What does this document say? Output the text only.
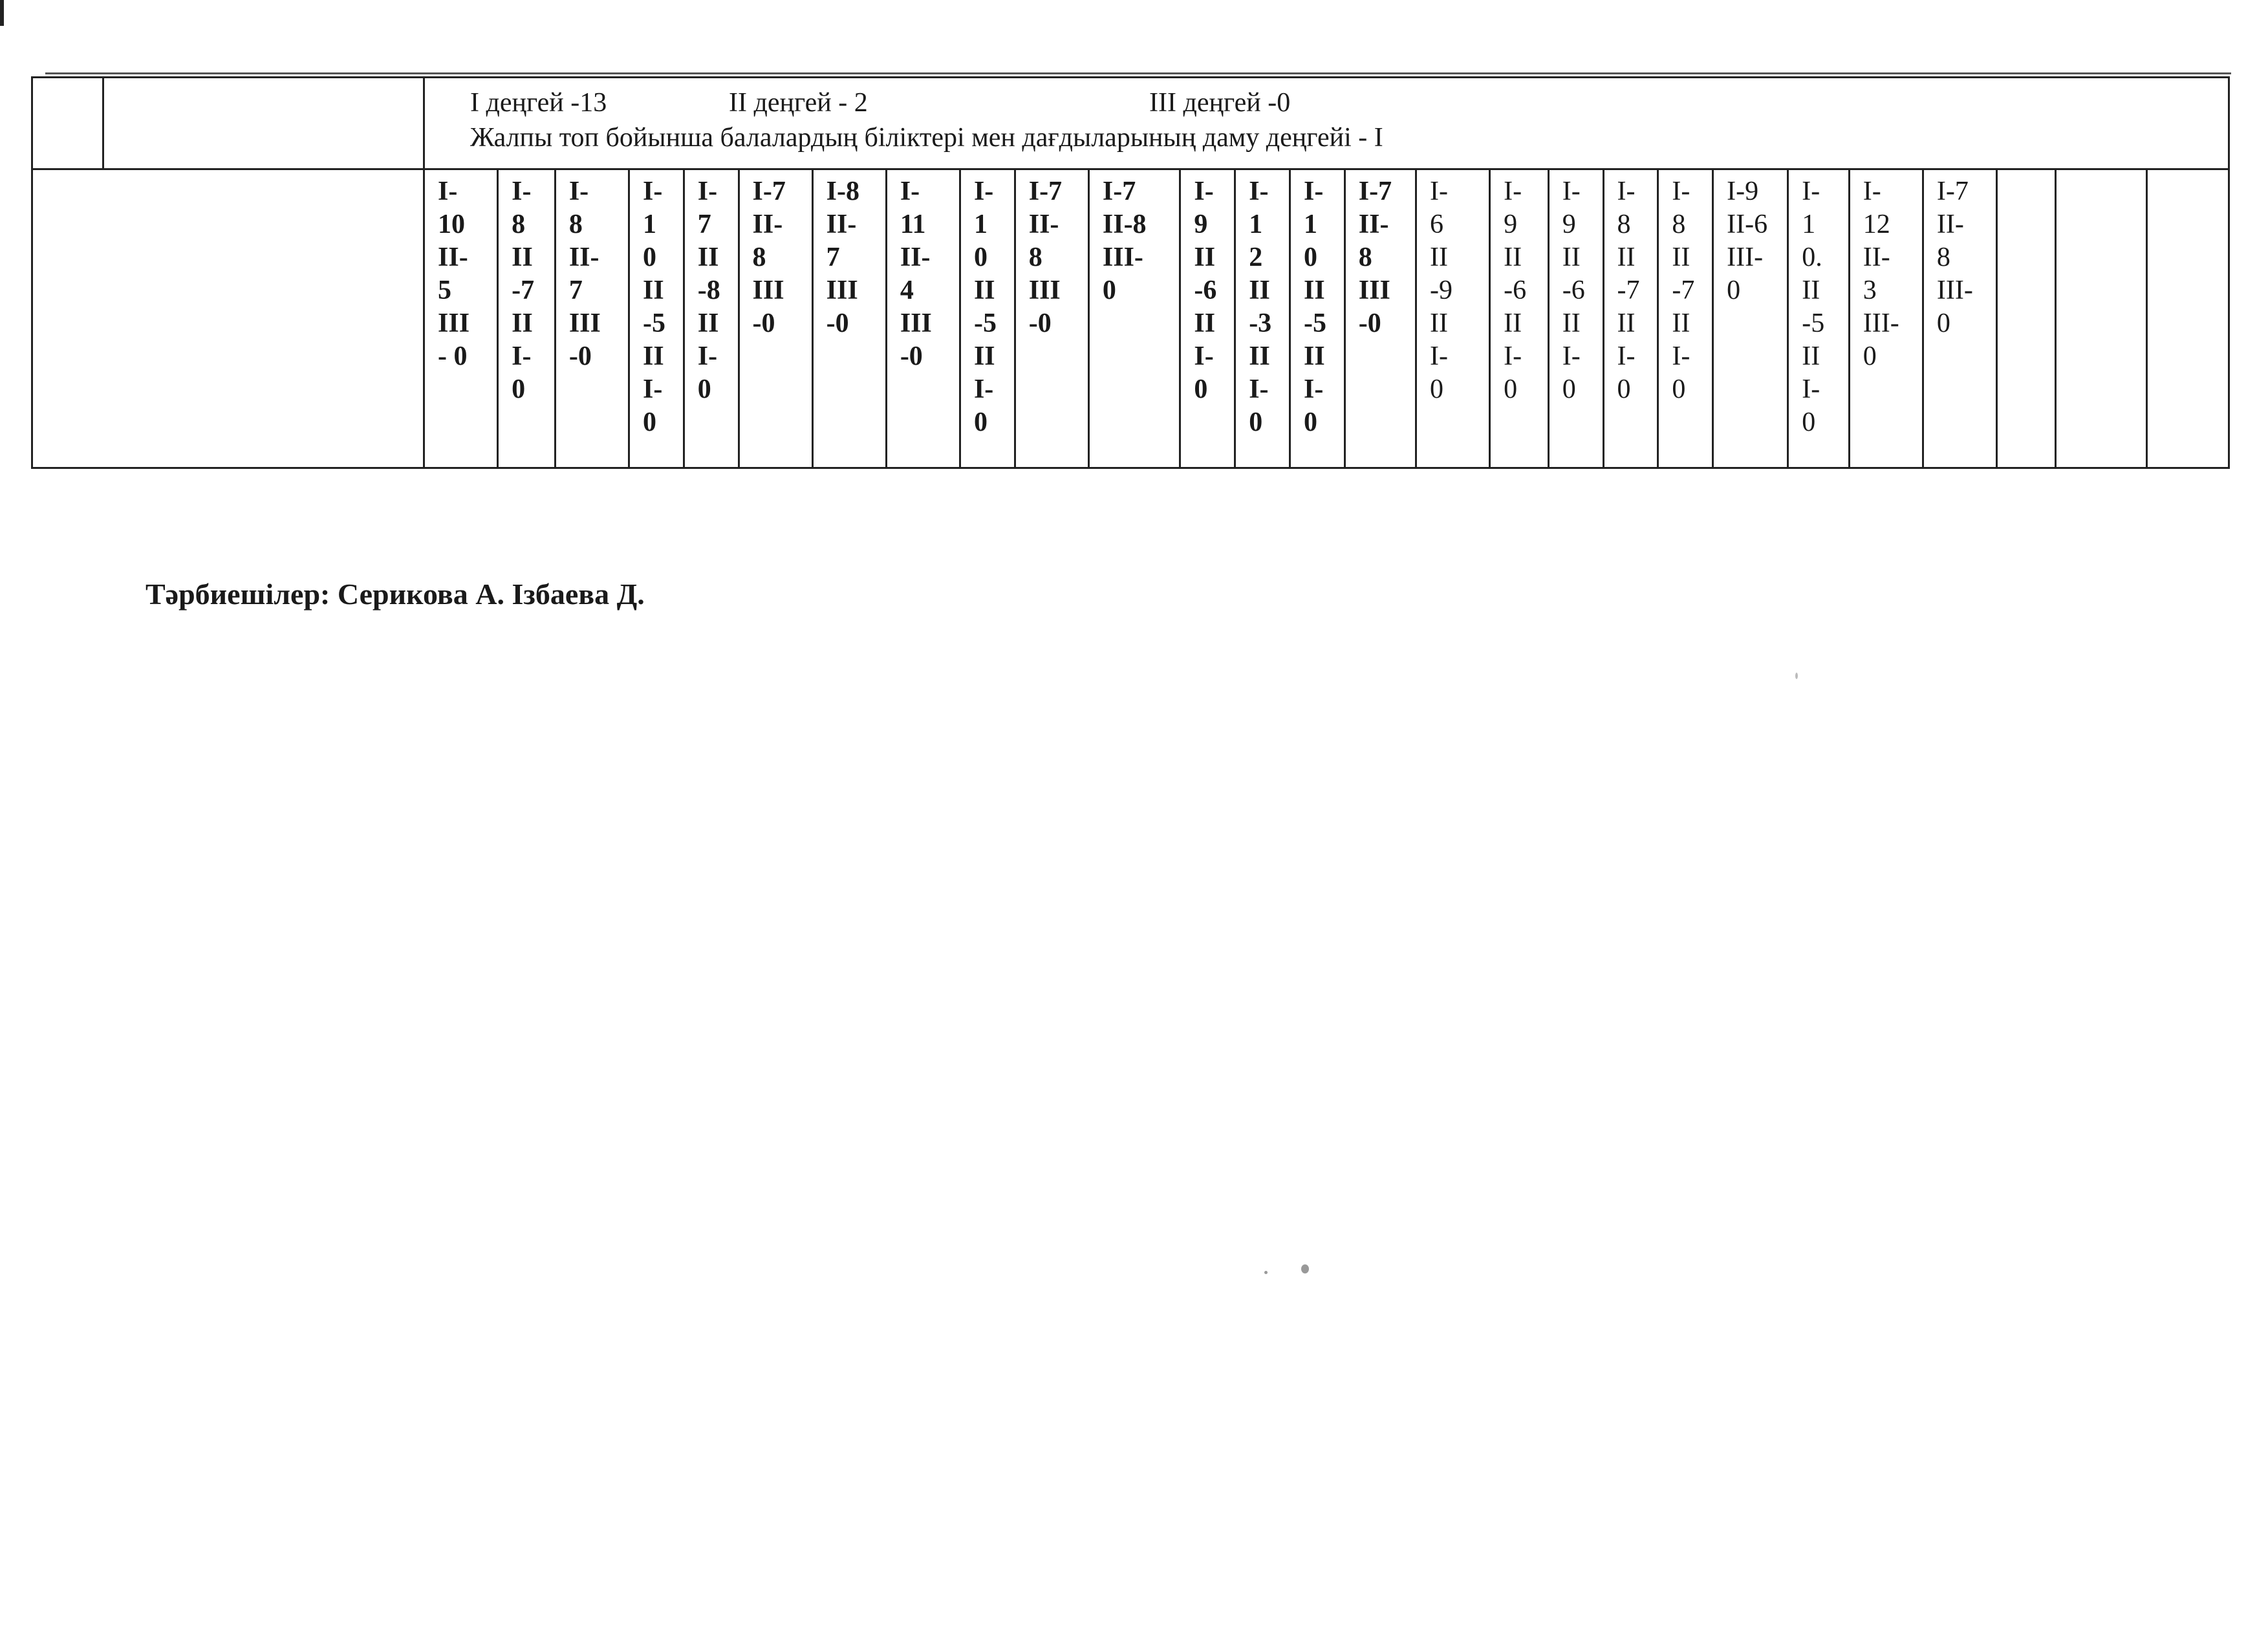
І деңгей -13	ІІ деңгей - 2	ІІІ деңгей -0
Жалпы топ бойынша балалардың біліктері мен дағдыларының даму деңгейі - І
І-
10
ІІ-
5
ІІІ
- 0
І-
8
ІІ
-7
ІІ
І-
0
І-
8
ІІ-
7
ІІІ
-0
І-
1
0
ІІ
-5
ІІ
І-
0
І-
7
ІІ
-8
ІІ
І-
0
І-7
ІІ-
8
ІІІ
-0
І-8
ІІ-
7
ІІІ
-0
І-
11
ІІ-
4
ІІІ
-0
І-
1
0
ІІ
-5
ІІ
І-
0
І-7
ІІ-
8
ІІІ
-0
І-7
ІІ-8
ІІІ-
0
І-
9
ІІ
-6
ІІ
І-
0
І-
1
2
ІІ
-3
ІІ
І-
0
І-
1
0
ІІ
-5
ІІ
І-
0
І-7
ІІ-
8
ІІІ
-0
І-
6
ІІ
-9
ІІ
І-
0
І-
9
ІІ
-6
ІІ
І-
0
І-
9
ІІ
-6
ІІ
І-
0
І-
8
ІІ
-7
ІІ
І-
0
І-
8
ІІ
-7
ІІ
І-
0
І-9
ІІ-6
ІІІ-
0
І-
1
0.
ІІ
-5
ІІ
І-
0
І-
12
ІІ-
3
ІІІ-
0
І-7
ІІ-
8
ІІІ-
0
Тәрбиешілер: Серикова А. Ізбаева Д.
